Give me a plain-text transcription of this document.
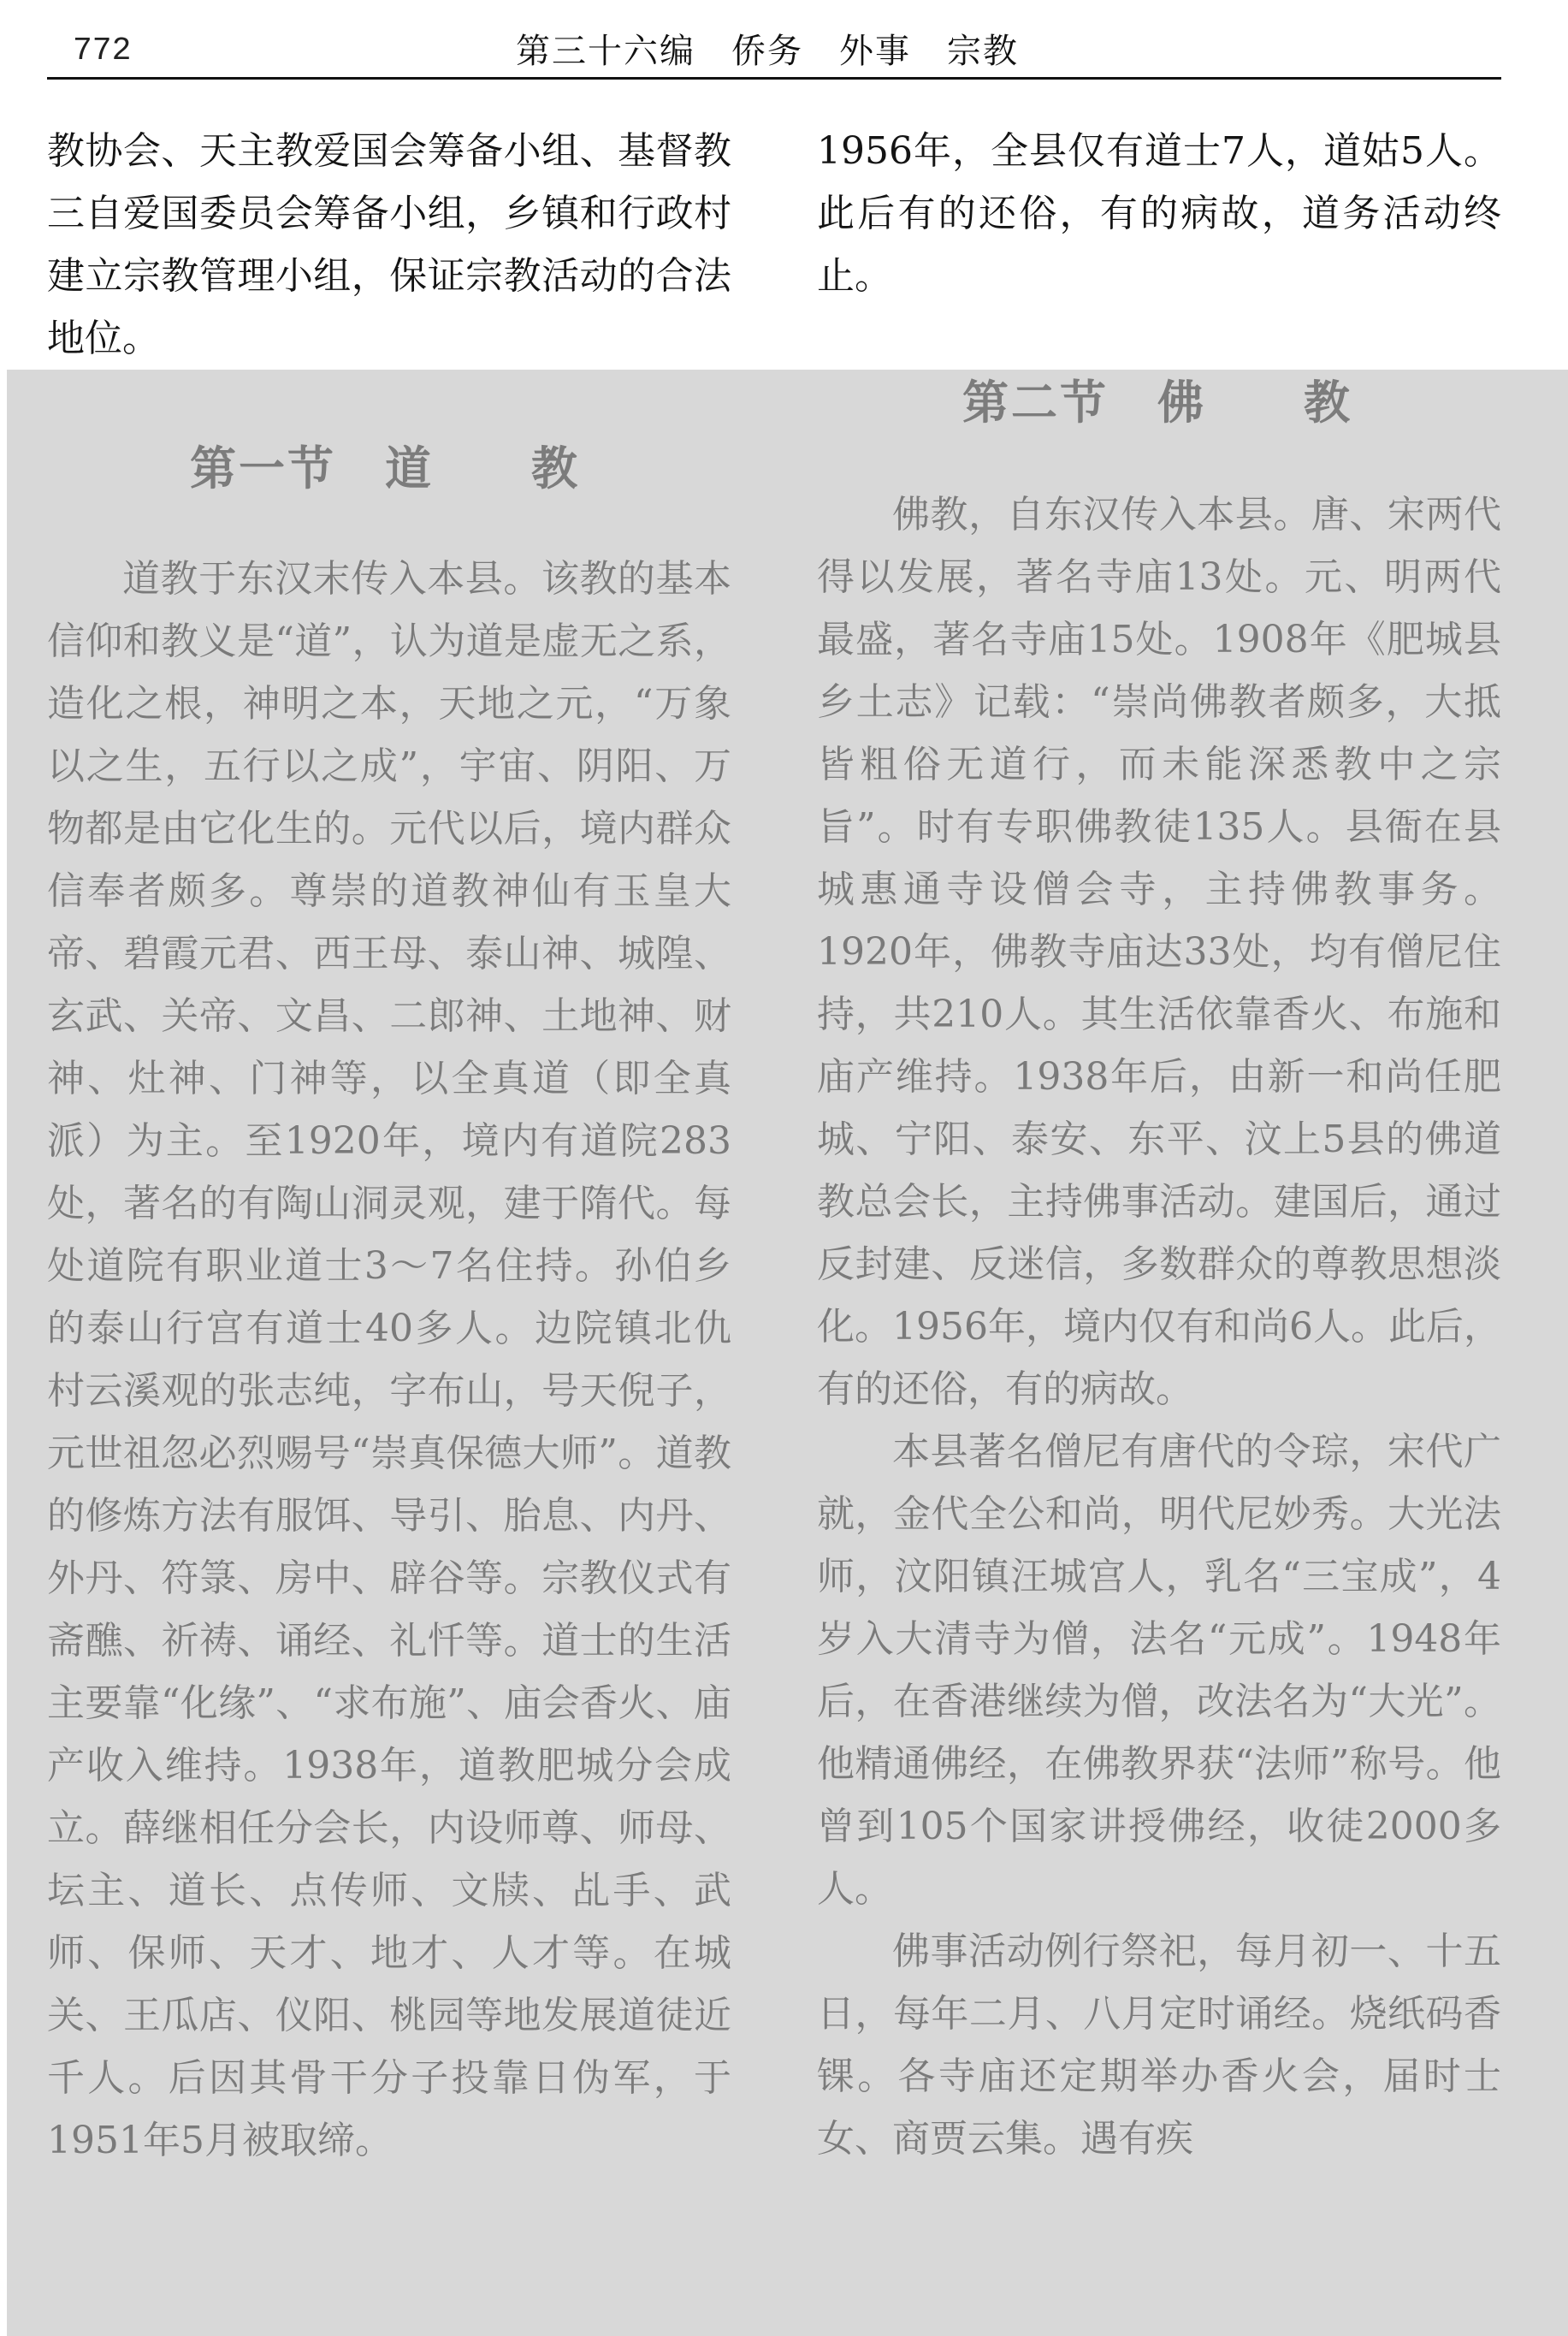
772	第三十六编　侨务　外事　宗教

教协会、天主教爱国会筹备小组、基督教三自爱国委员会筹备小组，乡镇和行政村建立宗教管理小组，保证宗教活动的合法地位。

1956年，全县仅有道士7人，道姑5人。此后有的还俗，有的病故，道务活动终止。

第一节　道　　教

道教于东汉末传入本县。该教的基本信仰和教义是“道”，认为道是虚无之系，造化之根，神明之本，天地之元，“万象以之生，五行以之成”，宇宙、阴阳、万物都是由它化生的。元代以后，境内群众信奉者颇多。尊崇的道教神仙有玉皇大帝、碧霞元君、西王母、泰山神、城隍、玄武、关帝、文昌、二郎神、土地神、财神、灶神、门神等，以全真道（即全真派）为主。至1920年，境内有道院283处，著名的有陶山洞灵观，建于隋代。每处道院有职业道士3～7名住持。孙伯乡的泰山行宫有道士40多人。边院镇北仇村云溪观的张志纯，字布山，号天倪子，元世祖忽必烈赐号“崇真保德大师”。道教的修炼方法有服饵、导引、胎息、内丹、外丹、符箓、房中、辟谷等。宗教仪式有斋醮、祈祷、诵经、礼忏等。道士的生活主要靠“化缘”、“求布施”、庙会香火、庙产收入维持。1938年，道教肥城分会成立。薛继相任分会长，内设师尊、师母、坛主、道长、点传师、文牍、乩手、武师、保师、天才、地才、人才等。在城关、王瓜店、仪阳、桃园等地发展道徒近千人。后因其骨干分子投靠日伪军，于1951年5月被取缔。

第二节　佛　　教

佛教，自东汉传入本县。唐、宋两代得以发展，著名寺庙13处。元、明两代最盛，著名寺庙15处。1908年《肥城县乡土志》记载：“崇尚佛教者颇多，大抵皆粗俗无道行，而未能深悉教中之宗旨”。时有专职佛教徒135人。县衙在县城惠通寺设僧会寺，主持佛教事务。1920年，佛教寺庙达33处，均有僧尼住持，共210人。其生活依靠香火、布施和庙产维持。1938年后，由新一和尚任肥城、宁阳、泰安、东平、汶上5县的佛道教总会长，主持佛事活动。建国后，通过反封建、反迷信，多数群众的尊教思想淡化。1956年，境内仅有和尚6人。此后，有的还俗，有的病故。

本县著名僧尼有唐代的令琮，宋代广就，金代全公和尚，明代尼妙秀。大光法师，汶阳镇汪城宫人，乳名“三宝成”，4岁入大清寺为僧，法名“元成”。1948年后，在香港继续为僧，改法名为“大光”。他精通佛经，在佛教界获“法师”称号。他曾到105个国家讲授佛经，收徒2000多人。

佛事活动例行祭祀，每月初一、十五日，每年二月、八月定时诵经。烧纸码香锞。各寺庙还定期举办香火会，届时士女、商贾云集。遇有疾
